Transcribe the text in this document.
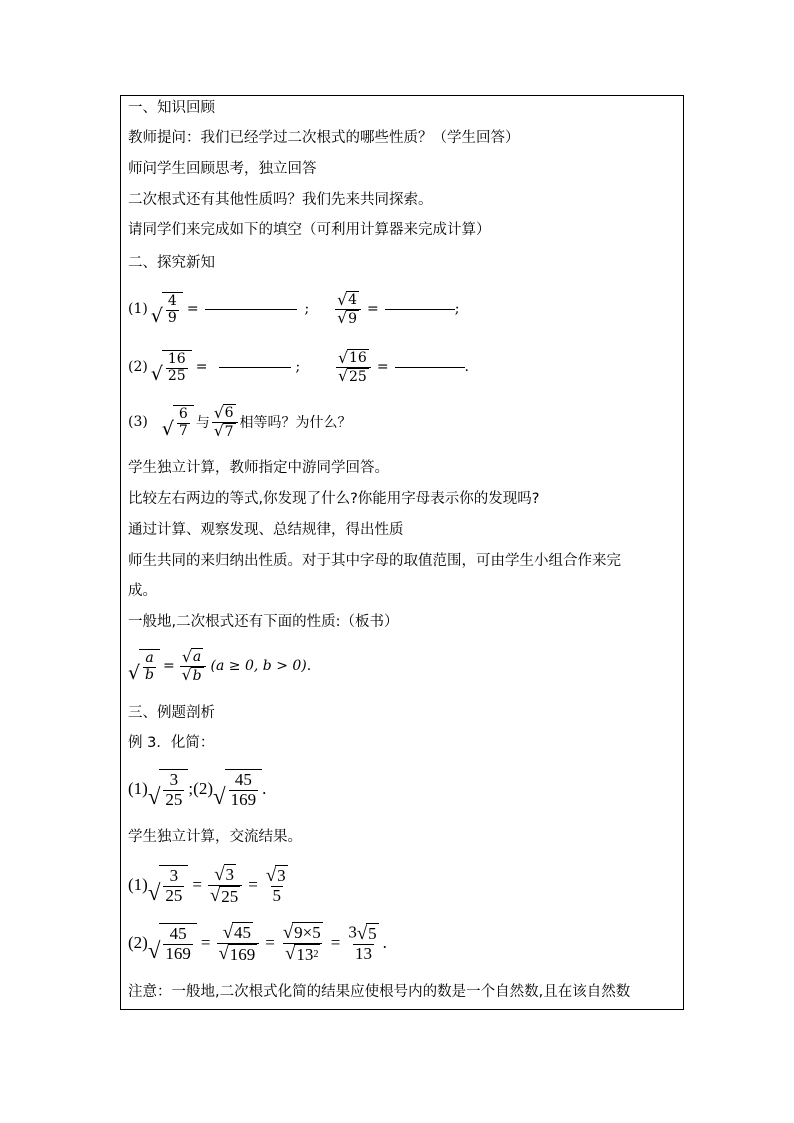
一、知识回顾
教师提问：我们已经学过二次根式的哪些性质？（学生回答）
师问学生回顾思考，独立回答
二次根式还有其他性质吗？我们先来共同探索。
请同学们来完成如下的填空（可利用计算器来完成计算）
二、探究新知
(1) √ $\frac{4}{9}$ =	; $\frac{√ 4}{√ 9}$ =	;
(2) √ $\frac{16}{25}$ =	; $\frac{√ 16}{√ 25}$ =	.
(3) √ $\frac{6}{7}$ 与 $\frac{√ 6}{√ 7}$ 相等吗？为什么？
学生独立计算，教师指定中游同学回答。
比较左右两边的等式,你发现了什么?你能用字母表示你的发现吗?
通过计算、观察发现、总结规律，得出性质
师生共同的来归纳出性质。对于其中字母的取值范围，可由学生小组合作来完
成。
一般地,二次根式还有下面的性质:（板书）
√ $\frac{a}{b} = \frac{√ a}{√ b} (a \ge 0$, b > 0) .
三、例题剖析
例 3．化简：
(1) √ $\frac{3}{25}$ ; (2) √ $\frac{45}{169}$ .
学生独立计算，交流结果。
(1) √ $\frac{3}{25} = \frac{√ 3}{√ 25} = \frac{√ 3}{5}$
(2) √ $\frac{45}{169} = \frac{√ 45}{√ 169} = \frac{√ 9\times 5}{√ 13 2} = \frac{3 √ 5}{13}$ .
注意：一般地,二次根式化简的结果应使根号内的数是一个自然数,且在该自然数
